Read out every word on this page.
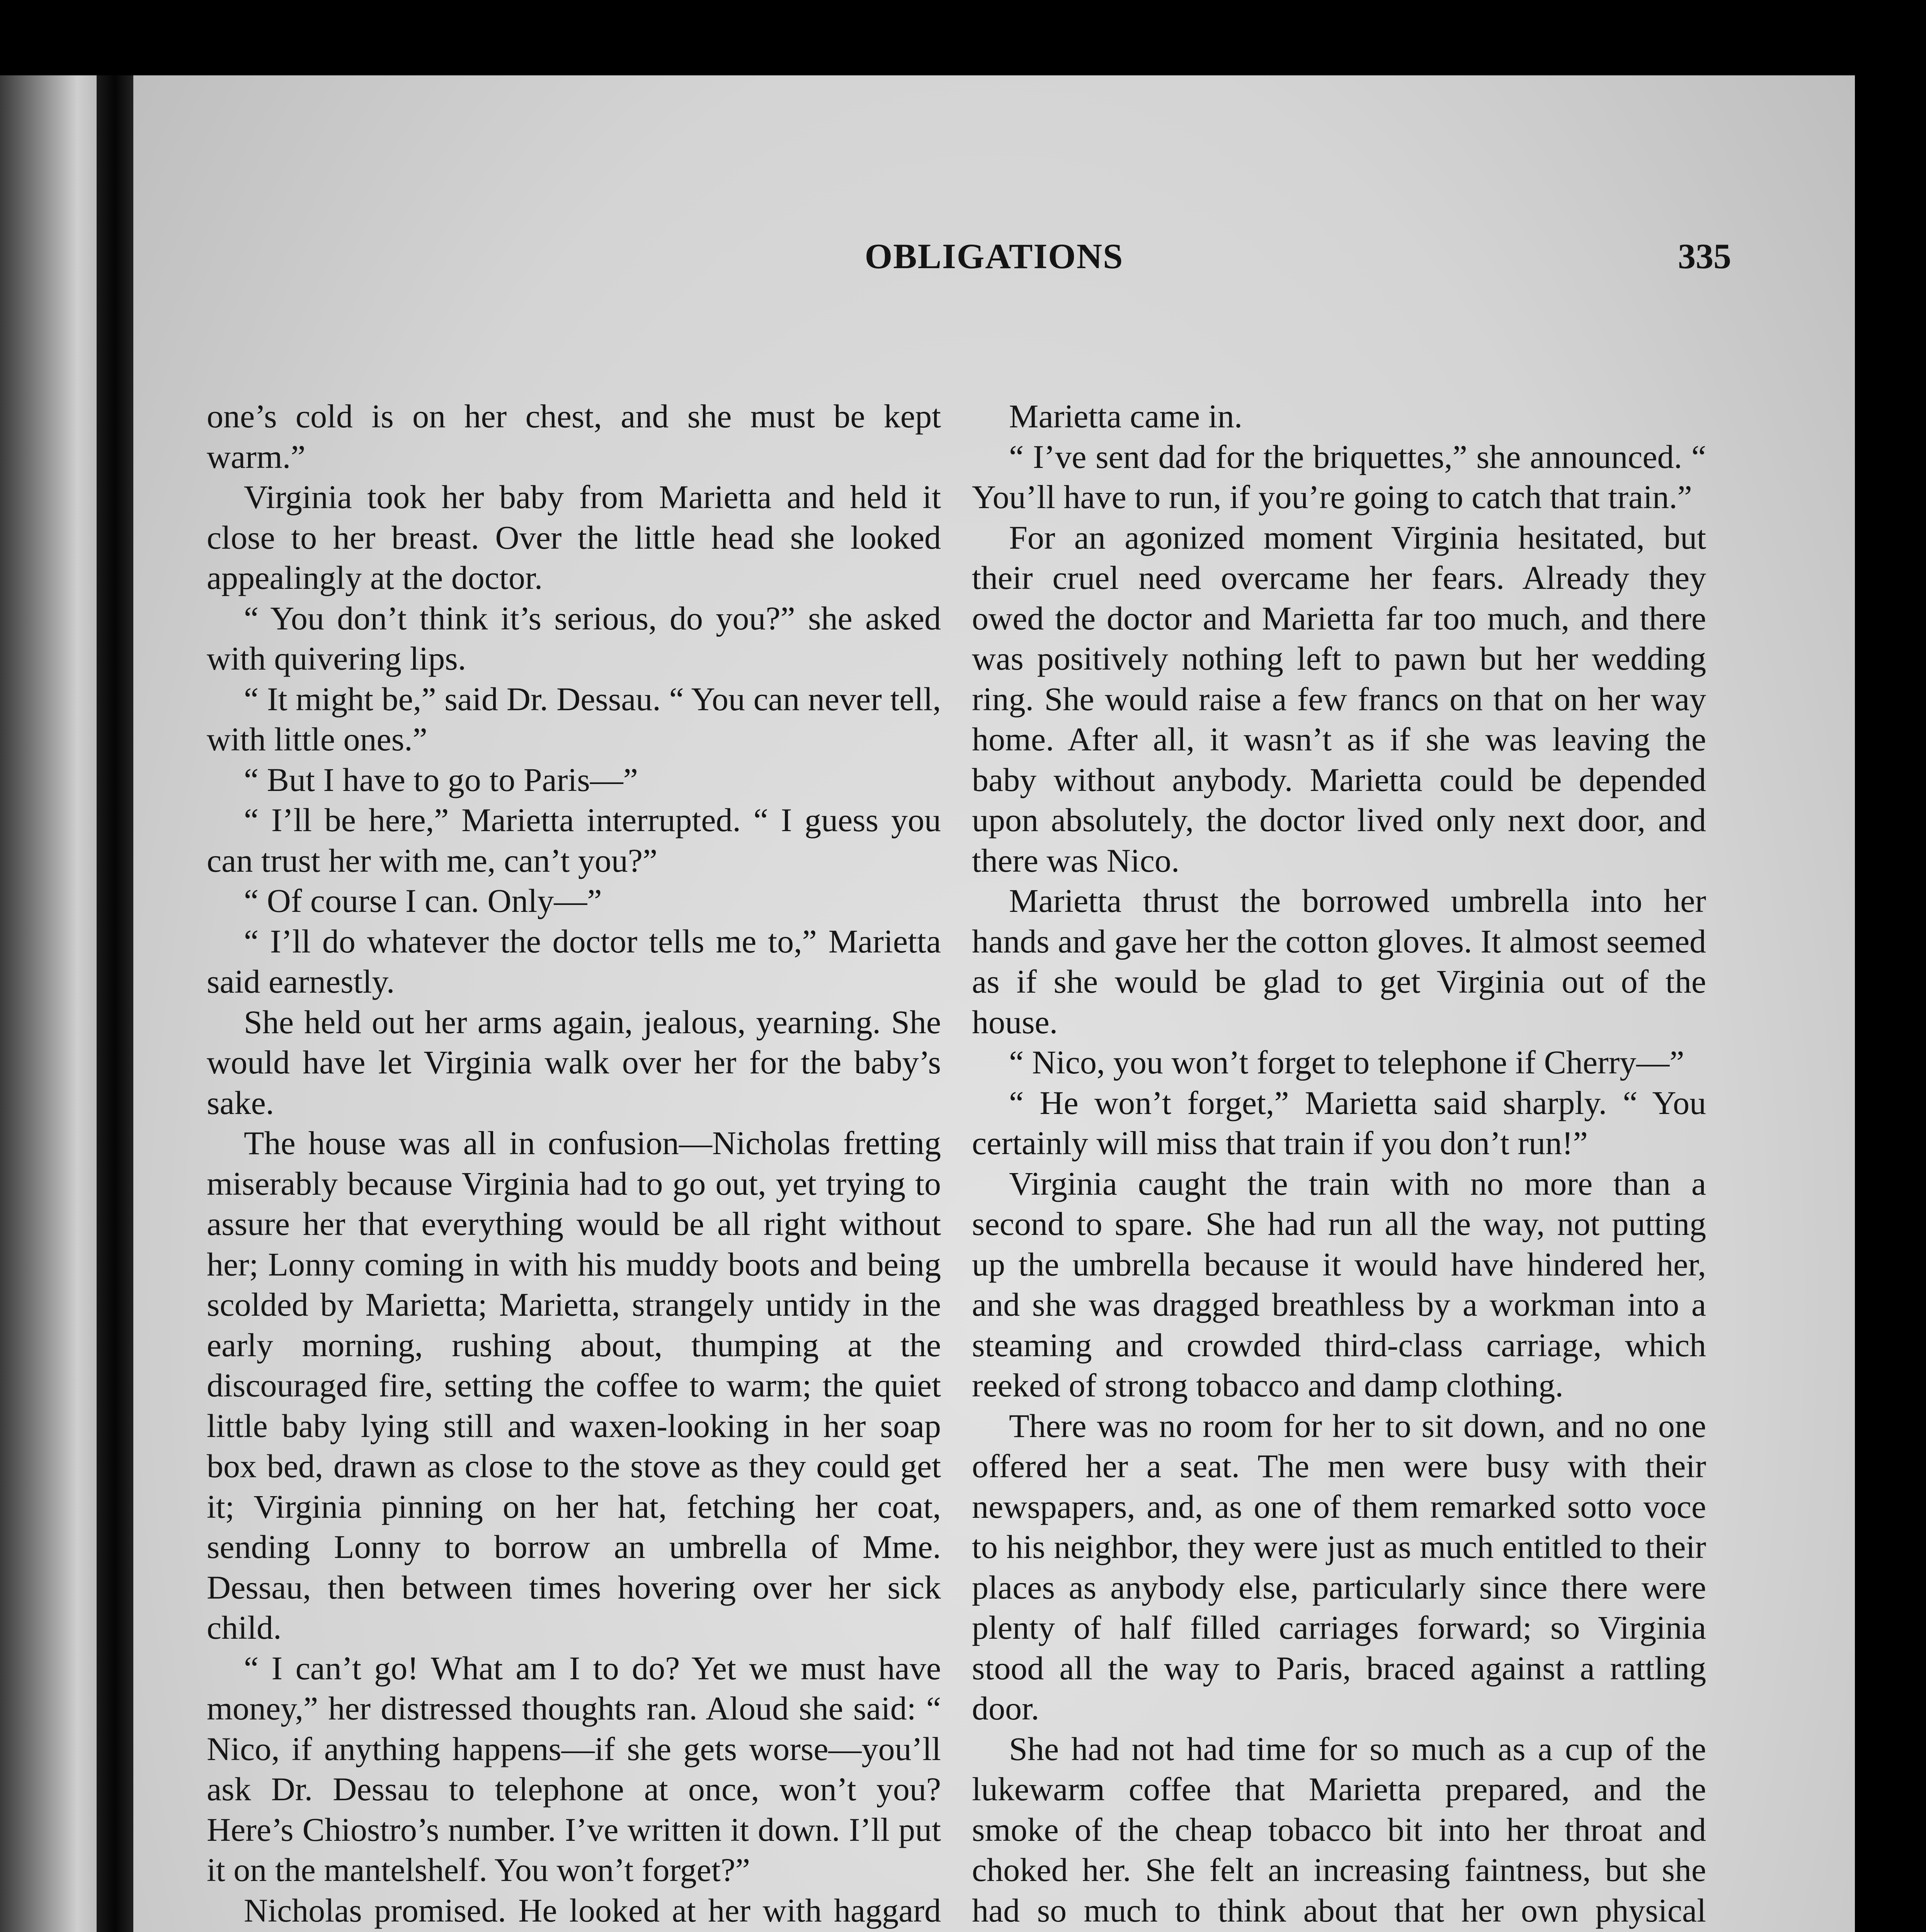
OBLIGATIONS	335

one’s cold is on her chest, and she must be kept warm.”

Virginia took her baby from Marietta and held it close to her breast. Over the little head she looked appealingly at the doctor.

“ You don’t think it’s serious, do you?” she asked with quivering lips.

“ It might be,” said Dr. Dessau. “ You can never tell, with little ones.”

“ But I have to go to Paris—”

“ I’ll be here,” Marietta interrupted. “ I guess you can trust her with me, can’t you?”

“ Of course I can. Only—”

“ I’ll do whatever the doctor tells me to,” Marietta said earnestly.

She held out her arms again, jealous, yearning. She would have let Virginia walk over her for the baby’s sake.

The house was all in confusion—Nicholas fretting miserably because Virginia had to go out, yet trying to assure her that everything would be all right without her; Lonny coming in with his muddy boots and being scolded by Marietta; Marietta, strangely untidy in the early morning, rushing about, thumping at the discouraged fire, setting the coffee to warm; the quiet little baby lying still and waxen-looking in her soap box bed, drawn as close to the stove as they could get it; Virginia pinning on her hat, fetching her coat, sending Lonny to borrow an umbrella of Mme. Dessau, then between times hovering over her sick child.

“ I can’t go! What am I to do? Yet we must have money,” her distressed thoughts ran. Aloud she said: “ Nico, if anything happens—if she gets worse—you’ll ask Dr. Dessau to telephone at once, won’t you? Here’s Chiostro’s number. I’ve written it down. I’ll put it on the mantelshelf. You won’t forget?”

Nicholas promised. He looked at her with haggard

Marietta came in.

“ I’ve sent dad for the briquettes,” she announced. “ You’ll have to run, if you’re going to catch that train.”

For an agonized moment Virginia hesitated, but their cruel need overcame her fears. Already they owed the doctor and Marietta far too much, and there was positively nothing left to pawn but her wedding ring. She would raise a few francs on that on her way home. After all, it wasn’t as if she was leaving the baby without anybody. Marietta could be depended upon absolutely, the doctor lived only next door, and there was Nico.

Marietta thrust the borrowed umbrella into her hands and gave her the cotton gloves. It almost seemed as if she would be glad to get Virginia out of the house.

“ Nico, you won’t forget to telephone if Cherry—”

“ He won’t forget,” Marietta said sharply. “ You certainly will miss that train if you don’t run!”

Virginia caught the train with no more than a second to spare. She had run all the way, not putting up the umbrella because it would have hindered her, and she was dragged breathless by a workman into a steaming and crowded third-class carriage, which reeked of strong tobacco and damp clothing.

There was no room for her to sit down, and no one offered her a seat. The men were busy with their newspapers, and, as one of them remarked sotto voce to his neighbor, they were just as much entitled to their places as anybody else, particularly since there were plenty of half filled carriages forward; so Virginia stood all the way to Paris, braced against a rattling door.

She had not had time for so much as a cup of the lukewarm coffee that Marietta prepared, and the smoke of the cheap tobacco bit into her throat and choked her. She felt an increasing faintness, but she had so much to think about that her own physical
